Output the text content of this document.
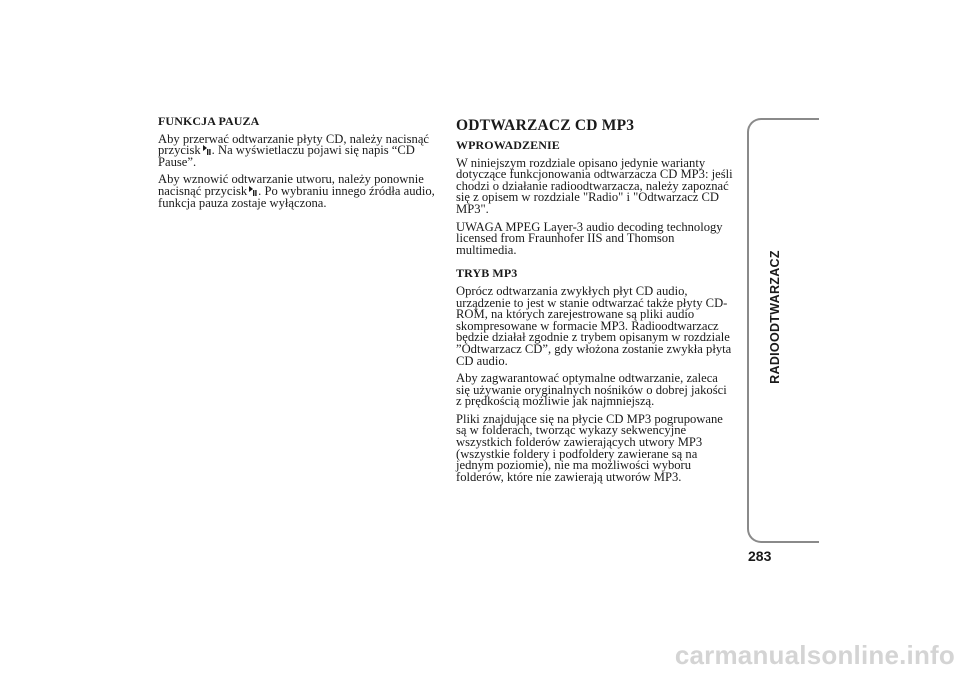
FUNKCJA PAUZA

Aby przerwać odtwarzanie płyty CD, należy nacisnąć przycisk . Na wyświetlaczu pojawi się napis “CD Pause”.

Aby wznowić odtwarzanie utworu, należy ponownie nacisnąć przycisk . Po wybraniu innego źródła audio, funkcja pauza zostaje wyłączona.

ODTWARZACZ CD MP3

WPROWADZENIE

W niniejszym rozdziale opisano jedynie warianty dotyczące funkcjonowania odtwarzacza CD MP3: jeśli chodzi o działanie radioodtwarzacza, należy zapoznać się z opisem w rozdziale "Radio" i "Odtwarzacz CD MP3".

UWAGA MPEG Layer-3 audio decoding technology licensed from Fraunhofer IIS and Thomson multimedia.

TRYB MP3

Oprócz odtwarzania zwykłych płyt CD audio, urządzenie to jest w stanie odtwarzać także płyty CD-ROM, na których zarejestrowane są pliki audio skompresowane w formacie MP3. Radioodtwarzacz będzie działał zgodnie z trybem opisanym w rozdziale ”Odtwarzacz CD”, gdy włożona zostanie zwykła płyta CD audio.

Aby zagwarantować optymalne odtwarzanie, zaleca się używanie oryginalnych nośników o dobrej jakości z prędkością możliwie jak najmniejszą.

Pliki znajdujące się na płycie CD MP3 pogrupowane są w folderach, tworząc wykazy sekwencyjne wszystkich folderów zawierających utwory MP3 (wszystkie foldery i podfoldery zawierane są na jednym poziomie), nie ma możliwości wyboru folderów, które nie zawierają utworów MP3.

RADIOODTWARZACZ
283
carmanualsonline.info
